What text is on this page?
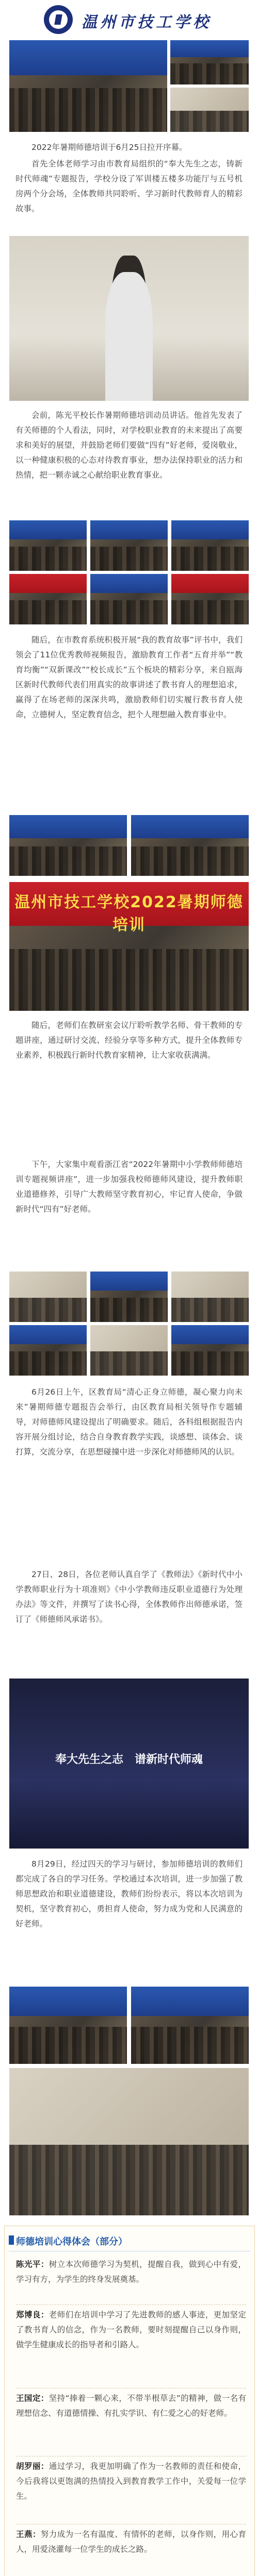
温州市技工学校
2022年暑期师德培训于6月25日拉开序幕。
首先全体老师学习由市教育局组织的“奉大先生之志，铸新时代师魂”专题报告，学校分设了军训楼五楼多功能厅与五号机房两个分会场，全体教师共同聆听、学习新时代教师育人的精彩故事。
会前，陈光平校长作暑期师德培训动员讲话。他首先发表了有关师德的个人看法，同时，对学校职业教育的未来提出了高要求和美好的展望，并鼓励老师们要做“四有”好老师，爱岗敬业，以一种健康积极的心态对待教育事业，想办法保持职业的活力和热情，把一颗赤诚之心献给职业教育事业。
随后，在市教育系统积极开展“我的教育故事”评书中，我们领会了11位优秀教师视频报告，激励教育工作者“五育并举”“教育均衡”“双新课改”“校长成长”五个板块的精彩分享，来自瓯海区新时代教师代表们用真实的故事讲述了教书育人的理想追求，赢得了在场老师的深深共鸣，激励教师们切实履行教书育人使命，立德树人，坚定教育信念，把个人理想融入教育事业中。
温州市技工学校2022暑期师德培训
随后，老师们在教研室会议厅聆听教学名师、骨干教师的专题讲座，通过研讨交流、经验分享等多种方式，提升全体教师专业素养，积极践行新时代教育家精神，让大家收获满满。
下午，大家集中观看浙江省“2022年暑期中小学教师师德培训专题视频讲座”，进一步加强我校师德师风建设，提升教师职业道德修养，引导广大教师坚守教育初心，牢记育人使命，争做新时代“四有”好老师。
6月26日上午，区教育局“清心正身立师德，凝心聚力向未来”暑期师德专题报告会举行，由区教育局相关领导作专题辅导，对师德师风建设提出了明确要求。随后，各科组根据报告内容开展分组讨论，结合自身教育教学实践，谈感想、谈体会、谈打算，交流分享，在思想碰撞中进一步深化对师德师风的认识。
27日、28日，各位老师认真自学了《教师法》《新时代中小学教师职业行为十项准则》《中小学教师违反职业道德行为处理办法》等文件，并撰写了读书心得，全体教师作出师德承诺，签订了《师德师风承诺书》。
奉大先生之志　谱新时代师魂
8月29日，经过四天的学习与研讨，参加师德培训的教师们都完成了各自的学习任务。学校通过本次培训，进一步加强了教师思想政治和职业道德建设，教师们纷纷表示，将以本次培训为契机，坚守教育初心，勇担育人使命，努力成为党和人民满意的好老师。
师德培训心得体会（部分）
陈光平：树立本次师德学习为契机，提醒自我，做到心中有爱，学习有方，为学生的终身发展奠基。
郑博良：老师们在培训中学习了先进教师的感人事迹，更加坚定了教书育人的信念，作为一名教师，要时刻提醒自己以身作则，做学生健康成长的指导者和引路人。
王国定：坚持“捧着一颗心来，不带半根草去”的精神，做一名有理想信念、有道德情操、有扎实学识、有仁爱之心的好老师。
胡罗丽：通过学习，我更加明确了作为一名教师的责任和使命，今后我将以更饱满的热情投入到教育教学工作中，关爱每一位学生。
王燕：努力成为一名有温度、有情怀的老师，以身作则，用心育人，用爱浇灌每一位学生的成长之路。
